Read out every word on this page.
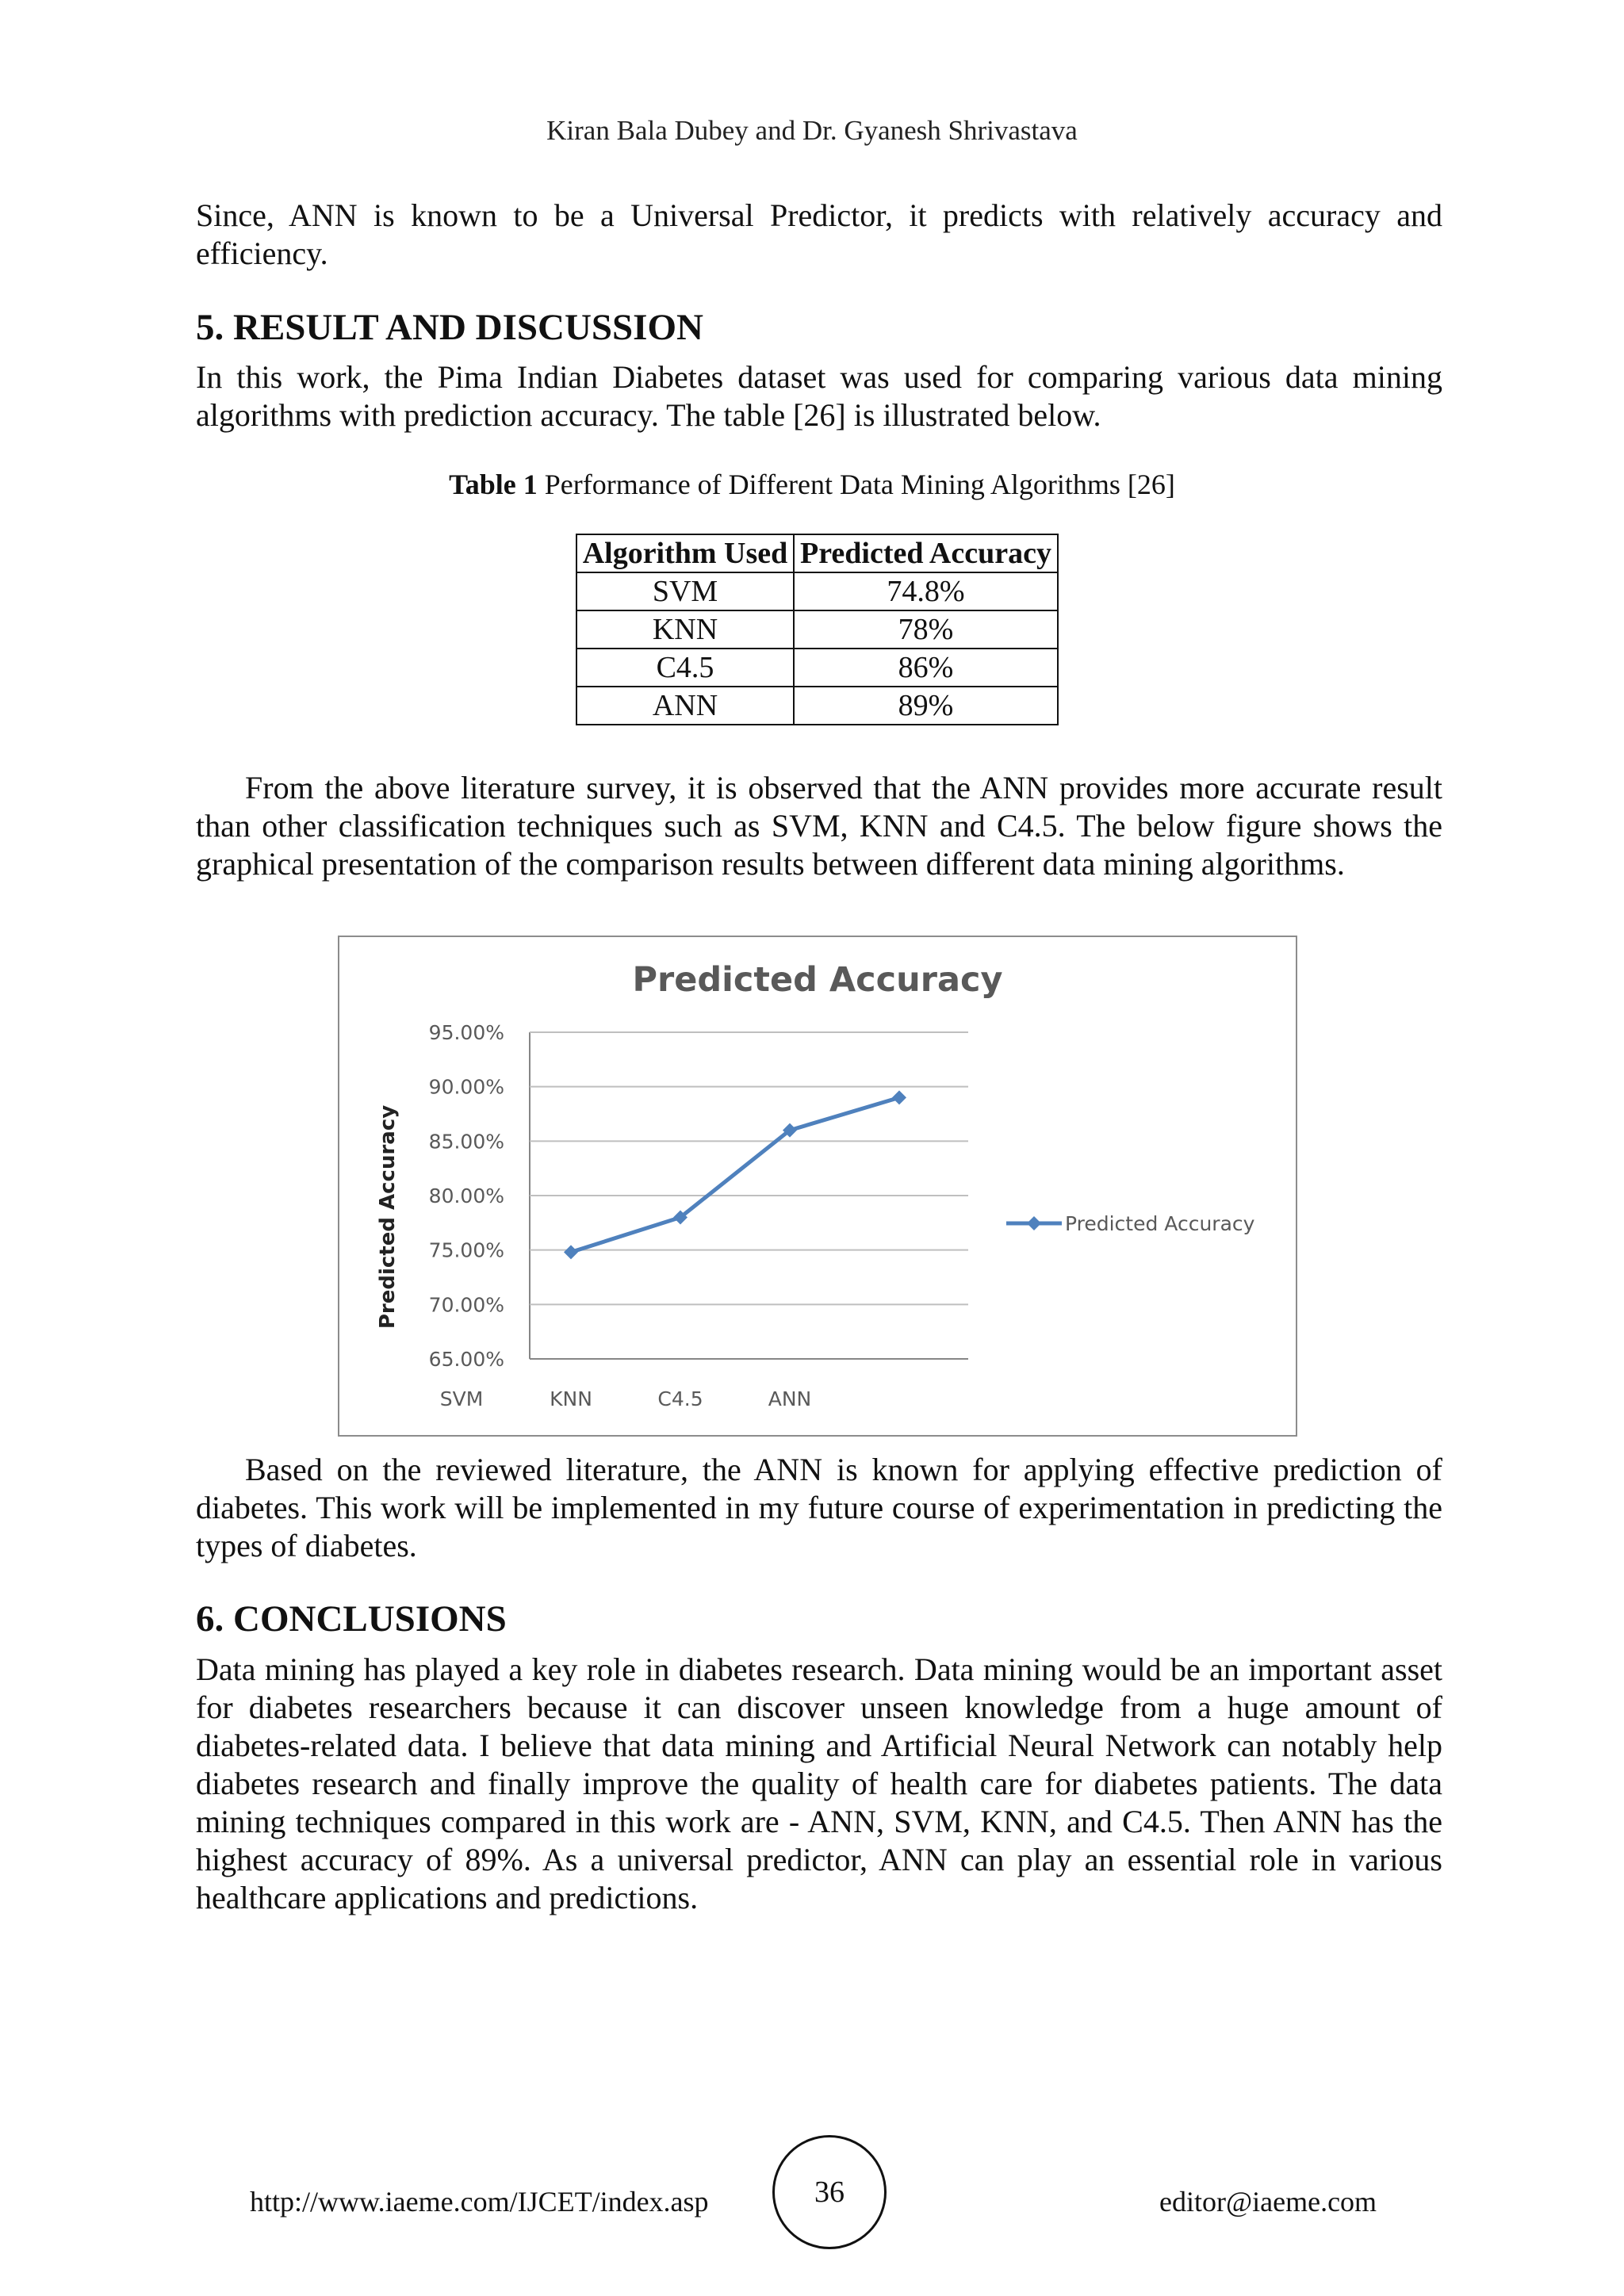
Kiran Bala Dubey and Dr. Gyanesh Shrivastava

Since, ANN is known to be a Universal Predictor, it predicts with relatively accuracy and efficiency.

5. RESULT AND DISCUSSION

In this work, the Pima Indian Diabetes dataset was used for comparing various data mining algorithms with prediction accuracy. The table [26] is illustrated below.

Table 1 Performance of Different Data Mining Algorithms [26]
Algorithm Used	Predicted Accuracy
SVM	74.8%
KNN	78%
C4.5	86%
ANN	89%

From the above literature survey, it is observed that the ANN provides more accurate result than other classification techniques such as SVM, KNN and C4.5. The below figure shows the graphical presentation of the comparison results between different data mining algorithms.

Predicted Accuracy
Predicted Accuracy
65.00%
70.00%
75.00%
80.00%
85.00%
90.00%
95.00%
SVM	KNN	C4.5	ANN
Predicted Accuracy

Based on the reviewed literature, the ANN is known for applying effective prediction of diabetes. This work will be implemented in my future course of experimentation in predicting the types of diabetes.

6. CONCLUSIONS

Data mining has played a key role in diabetes research. Data mining would be an important asset for diabetes researchers because it can discover unseen knowledge from a huge amount of diabetes-related data. I believe that data mining and Artificial Neural Network can notably help diabetes research and finally improve the quality of health care for diabetes patients. The data mining techniques compared in this work are - ANN, SVM, KNN, and C4.5. Then ANN has the highest accuracy of 89%. As a universal predictor, ANN can play an essential role in various healthcare applications and predictions.

http://www.iaeme.com/IJCET/index.asp	36	editor@iaeme.com
